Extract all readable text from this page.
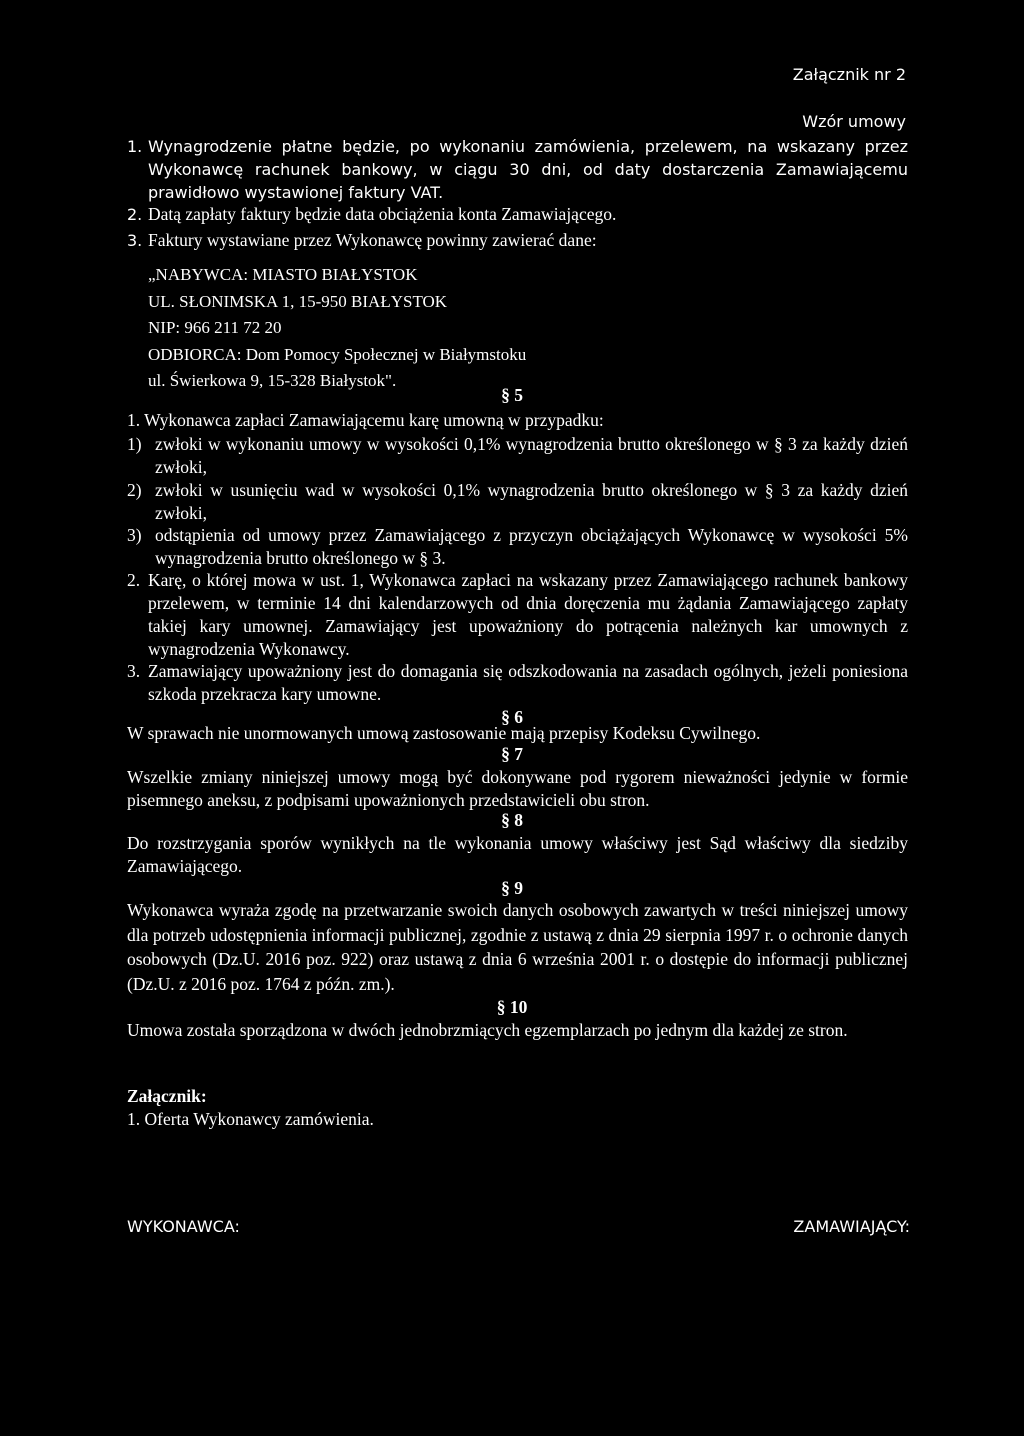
Załącznik nr 2
Wzór umowy
1. Wynagrodzenie płatne będzie, po wykonaniu zamówienia, przelewem, na wskazany przez Wykonawcę rachunek bankowy, w ciągu 30 dni, od daty dostarczenia Zamawiającemu prawidłowo wystawionej faktury VAT.
2. Datą zapłaty faktury będzie data obciążenia konta Zamawiającego.
3. Faktury wystawiane przez Wykonawcę powinny zawierać dane:
„NABYWCA: MIASTO BIAŁYSTOK
UL. SŁONIMSKA 1, 15-950 BIAŁYSTOK
NIP: 966 211 72 20
ODBIORCA: Dom Pomocy Społecznej w Białymstoku
ul. Świerkowa 9, 15-328 Białystok".
§ 5
1. Wykonawca zapłaci Zamawiającemu karę umowną w przypadku:
1) zwłoki w wykonaniu umowy w wysokości 0,1% wynagrodzenia brutto określonego w § 3 za każdy dzień zwłoki,
2) zwłoki w usunięciu wad w wysokości 0,1% wynagrodzenia brutto określonego w § 3 za każdy dzień zwłoki,
3) odstąpienia od umowy przez Zamawiającego z przyczyn obciążających Wykonawcę w wysokości 5% wynagrodzenia brutto określonego w § 3.
2. Karę, o której mowa w ust. 1, Wykonawca zapłaci na wskazany przez Zamawiającego rachunek bankowy przelewem, w terminie 14 dni kalendarzowych od dnia doręczenia mu żądania Zamawiającego zapłaty takiej kary umownej. Zamawiający jest upoważniony do potrącenia należnych kar umownych z wynagrodzenia Wykonawcy.
3. Zamawiający upoważniony jest do domagania się odszkodowania na zasadach ogólnych, jeżeli poniesiona szkoda przekracza kary umowne.
§ 6
W sprawach nie unormowanych umową zastosowanie mają przepisy Kodeksu Cywilnego.
§ 7
Wszelkie zmiany niniejszej umowy mogą być dokonywane pod rygorem nieważności jedynie w formie pisemnego aneksu, z podpisami upoważnionych przedstawicieli obu stron.
§ 8
Do rozstrzygania sporów wynikłych na tle wykonania umowy właściwy jest Sąd właściwy dla siedziby Zamawiającego.
§ 9
Wykonawca wyraża zgodę na przetwarzanie swoich danych osobowych zawartych w treści niniejszej umowy dla potrzeb udostępnienia informacji publicznej, zgodnie z ustawą z dnia 29 sierpnia 1997 r. o ochronie danych osobowych (Dz.U. 2016 poz. 922) oraz ustawą z dnia 6 września 2001 r. o dostępie do informacji publicznej (Dz.U. z 2016 poz. 1764 z późn. zm.).
§ 10
Umowa została sporządzona w dwóch jednobrzmiących egzemplarzach po jednym dla każdej ze stron.
Załącznik:
1. Oferta Wykonawcy zamówienia.
WYKONAWCA:	ZAMAWIAJĄCY:
